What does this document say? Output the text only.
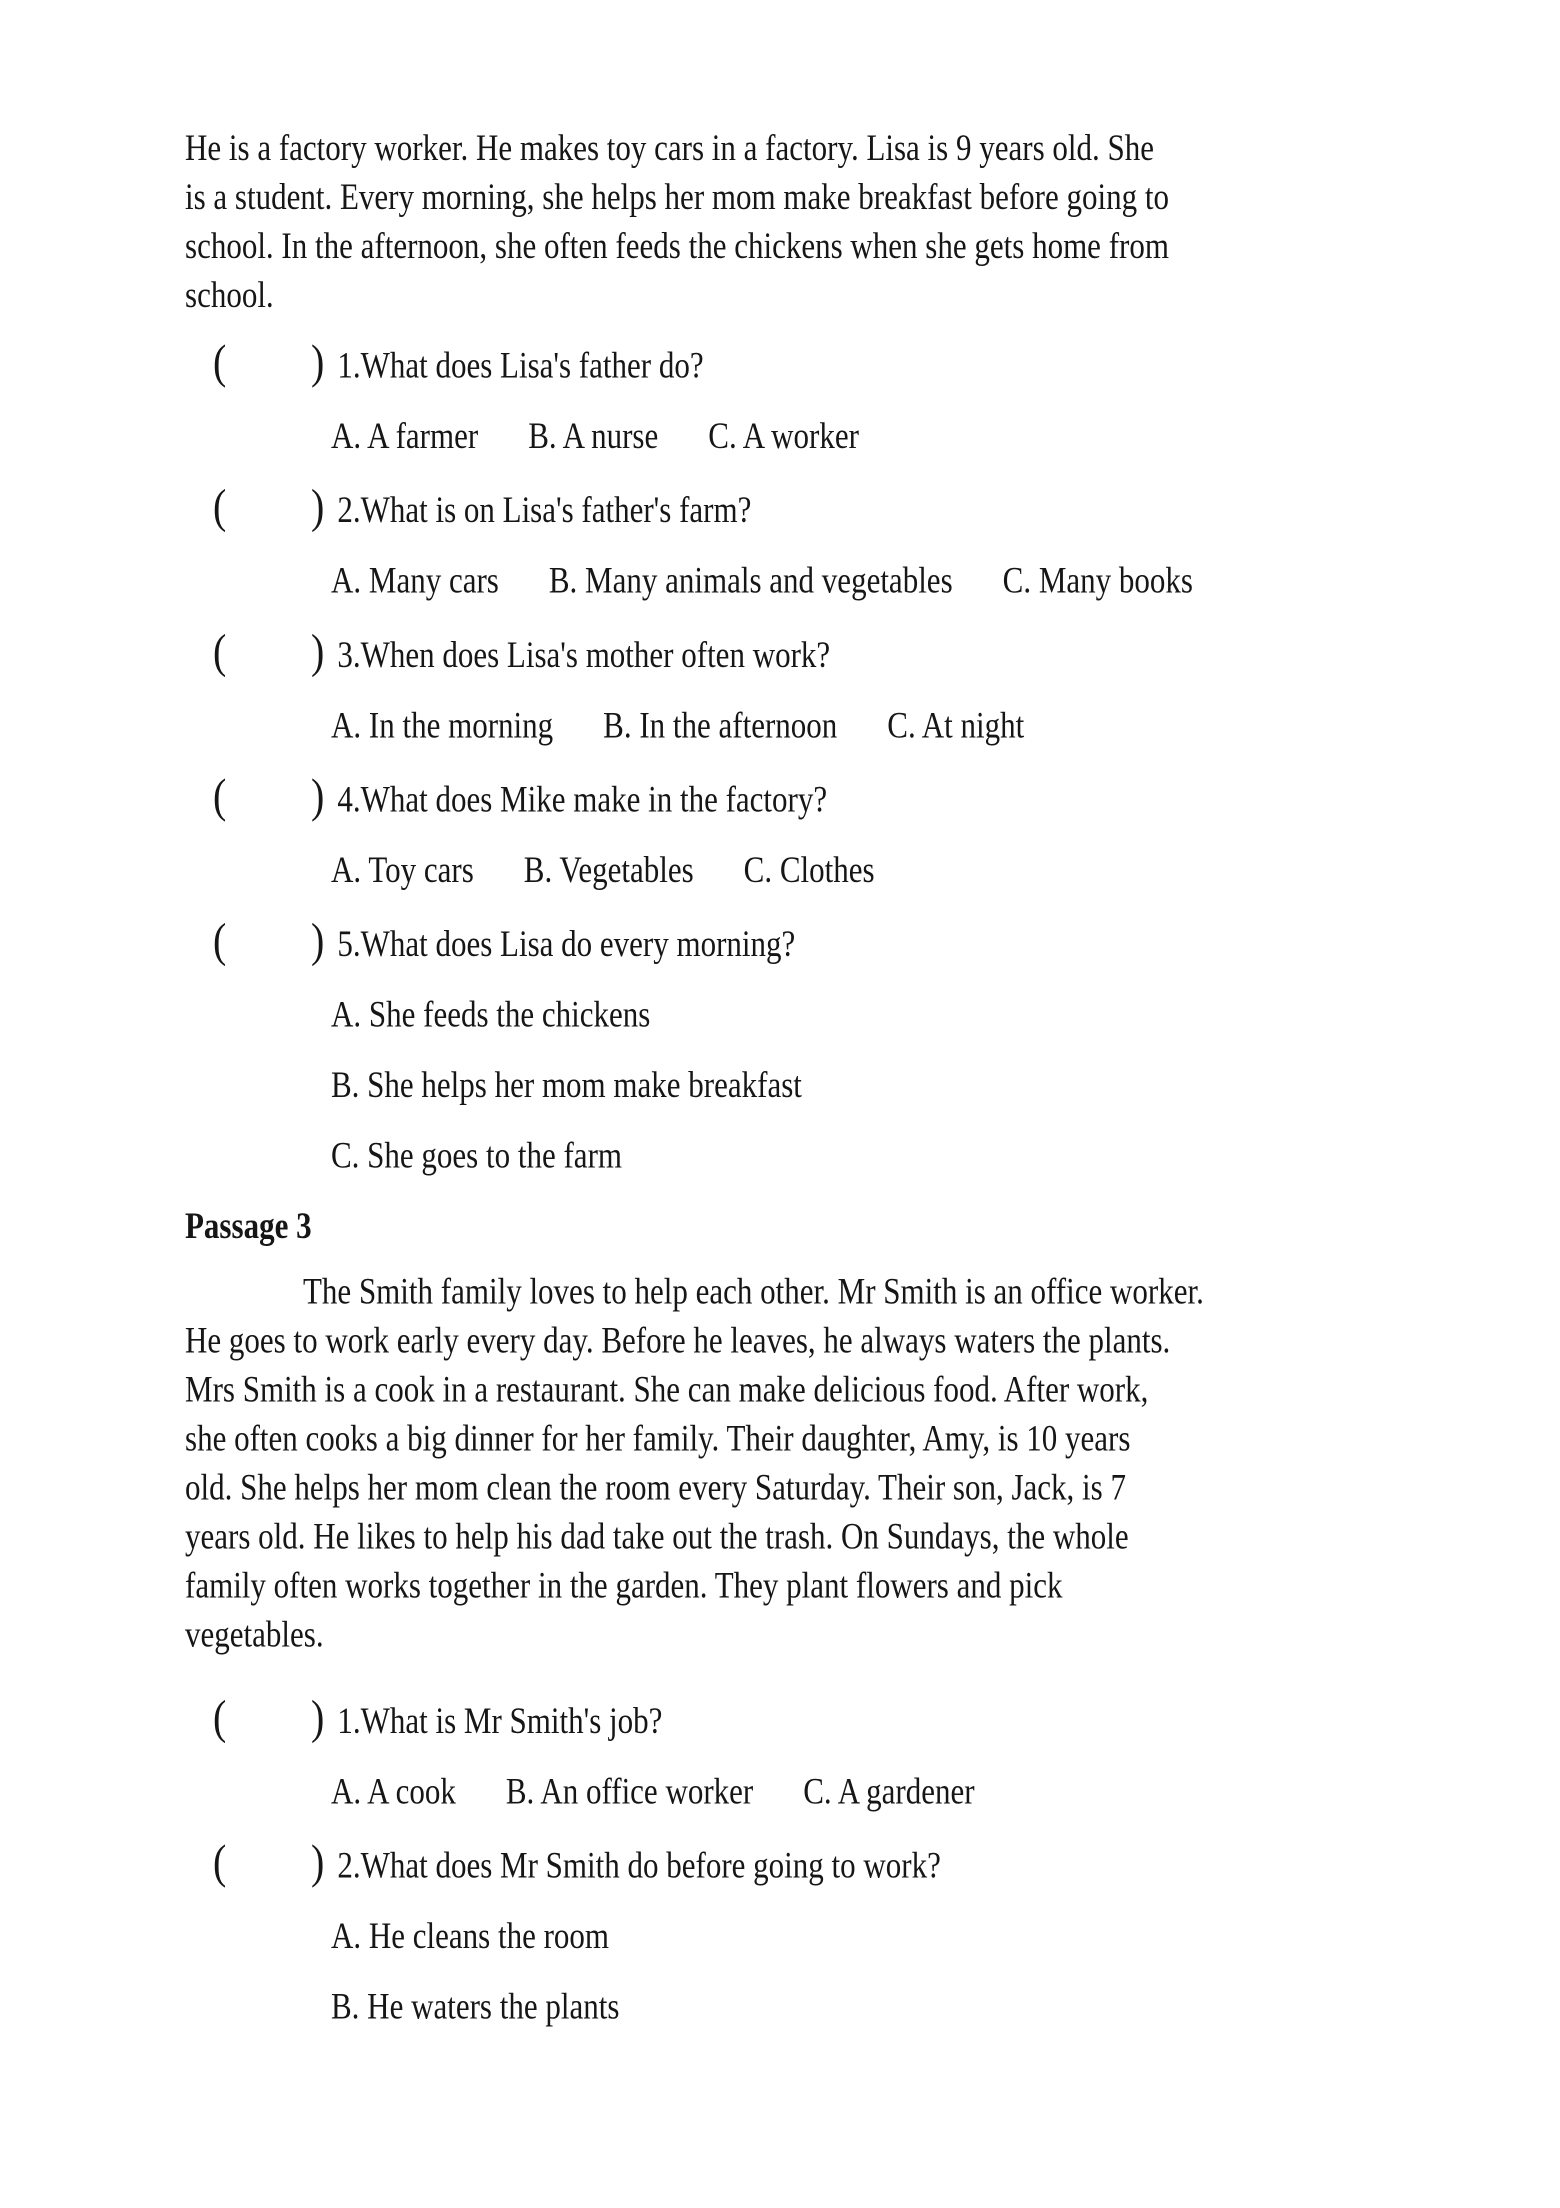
He is a factory worker. He makes toy cars in a factory. Lisa is 9 years old. She
is a student. Every morning, she helps her mom make breakfast before going to
school. In the afternoon, she often feeds the chickens when she gets home from
school.
( ) 1.What does Lisa's father do?
A. A farmer B. A nurse C. A worker
( ) 2.What is on Lisa's father's farm?
A. Many cars B. Many animals and vegetables C. Many books
( ) 3.When does Lisa's mother often work?
A. In the morning B. In the afternoon C. At night
( ) 4.What does Mike make in the factory?
A. Toy cars B. Vegetables C. Clothes
( ) 5.What does Lisa do every morning?
A. She feeds the chickens
B. She helps her mom make breakfast
C. She goes to the farm
Passage 3
The Smith family loves to help each other. Mr Smith is an office worker.
He goes to work early every day. Before he leaves, he always waters the plants.
Mrs Smith is a cook in a restaurant. She can make delicious food. After work,
she often cooks a big dinner for her family. Their daughter, Amy, is 10 years
old. She helps her mom clean the room every Saturday. Their son, Jack, is 7
years old. He likes to help his dad take out the trash. On Sundays, the whole
family often works together in the garden. They plant flowers and pick
vegetables.
( ) 1.What is Mr Smith's job?
A. A cook B. An office worker C. A gardener
( ) 2.What does Mr Smith do before going to work?
A. He cleans the room
B. He waters the plants
